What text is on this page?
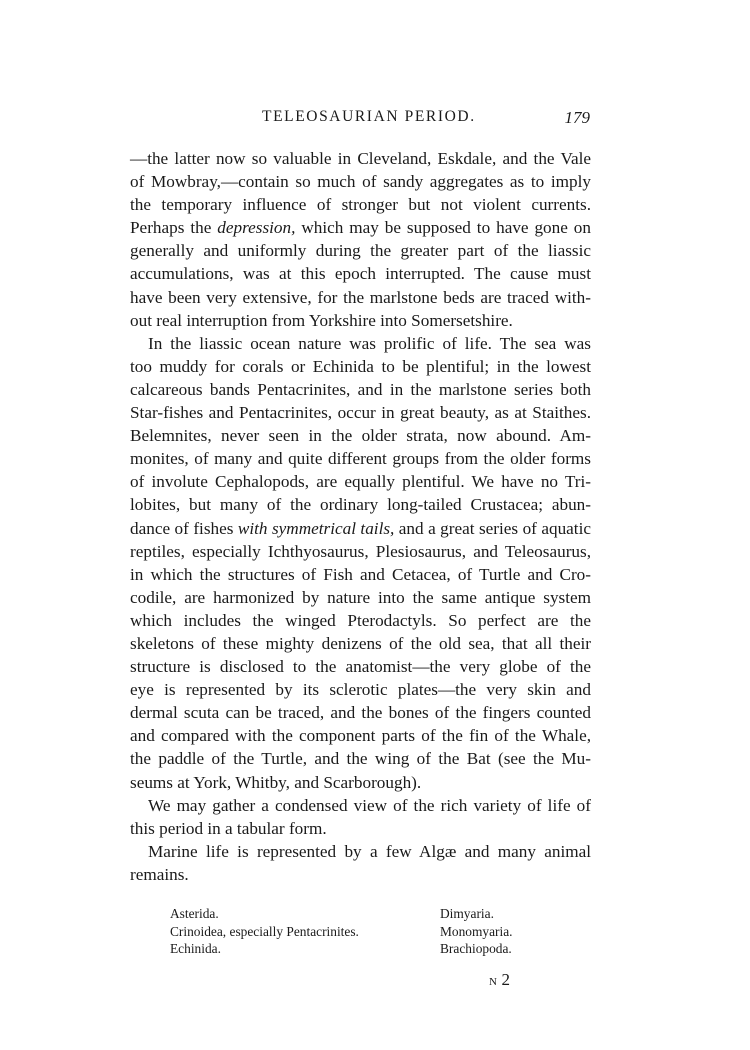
TELEOSAURIAN PERIOD.	179
—the latter now so valuable in Cleveland, Eskdale, and the Vale
of Mowbray,—contain so much of sandy aggregates as to imply
the temporary influence of stronger but not violent currents.
Perhaps the depression, which may be supposed to have gone on
generally and uniformly during the greater part of the liassic
accumulations, was at this epoch interrupted. The cause must
have been very extensive, for the marlstone beds are traced with-
out real interruption from Yorkshire into Somersetshire.
In the liassic ocean nature was prolific of life. The sea was
too muddy for corals or Echinida to be plentiful; in the lowest
calcareous bands Pentacrinites, and in the marlstone series both
Star-fishes and Pentacrinites, occur in great beauty, as at Staithes.
Belemnites, never seen in the older strata, now abound. Am-
monites, of many and quite different groups from the older forms
of involute Cephalopods, are equally plentiful. We have no Tri-
lobites, but many of the ordinary long-tailed Crustacea; abun-
dance of fishes with symmetrical tails, and a great series of aquatic
reptiles, especially Ichthyosaurus, Plesiosaurus, and Teleosaurus,
in which the structures of Fish and Cetacea, of Turtle and Cro-
codile, are harmonized by nature into the same antique system
which includes the winged Pterodactyls. So perfect are the
skeletons of these mighty denizens of the old sea, that all their
structure is disclosed to the anatomist—the very globe of the
eye is represented by its sclerotic plates—the very skin and
dermal scuta can be traced, and the bones of the fingers counted
and compared with the component parts of the fin of the Whale,
the paddle of the Turtle, and the wing of the Bat (see the Mu-
seums at York, Whitby, and Scarborough).
We may gather a condensed view of the rich variety of life of
this period in a tabular form.
Marine life is represented by a few Algæ and many animal
remains.
Asterida.
Crinoidea, especially Pentacrinites.
Echinida.
Dimyaria.
Monomyaria.
Brachiopoda.
N 2
